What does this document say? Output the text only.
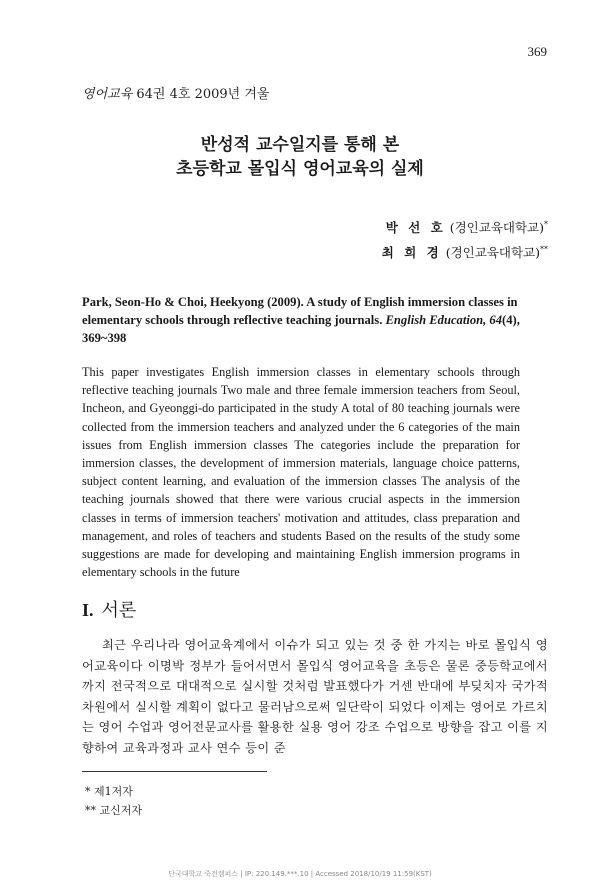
369
영어교육 64권 4호 2009년 겨울
반성적 교수일지를 통해 본
초등학교 몰입식 영어교육의 실제
박 선 호 (경인교육대학교)*
최 희 경 (경인교육대학교)**
Park, Seon-Ho & Choi, Heekyong (2009). A study of English immersion classes in elementary schools through reflective teaching journals. English Education, 64(4), 369~398
This paper investigates English immersion classes in elementary schools through reflective teaching journals Two male and three female immersion teachers from Seoul, Incheon, and Gyeonggi-do participated in the study A total of 80 teaching journals were collected from the immersion teachers and analyzed under the 6 categories of the main issues from English immersion classes The categories include the preparation for immersion classes, the development of immersion materials, language choice patterns, subject content learning, and evaluation of the immersion classes The analysis of the teaching journals showed that there were various crucial aspects in the immersion classes in terms of immersion teachers' motivation and attitudes, class preparation and management, and roles of teachers and students Based on the results of the study some suggestions are made for developing and maintaining English immersion programs in elementary schools in the future
I. 서론
최근 우리나라 영어교육계에서 이슈가 되고 있는 것 중 한 가지는 바로 몰입식 영어교육이다 이명박 정부가 들어서면서 몰입식 영어교육을 초등은 물론 중등학교에서까지 전국적으로 대대적으로 실시할 것처럼 발표했다가 거센 반대에 부딪치자 국가적 차원에서 실시할 계획이 없다고 물러남으로써 일단락이 되었다 이제는 영어로 가르치는 영어 수업과 영어전문교사를 활용한 실용 영어 강조 수업으로 방향을 잡고 이를 지향하여 교육과정과 교사 연수 등이 준
* 제1저자
** 교신저자
단국대학교 죽전캠퍼스 | IP: 220.149.***.10 | Accessed 2018/10/19 11:59(KST)
